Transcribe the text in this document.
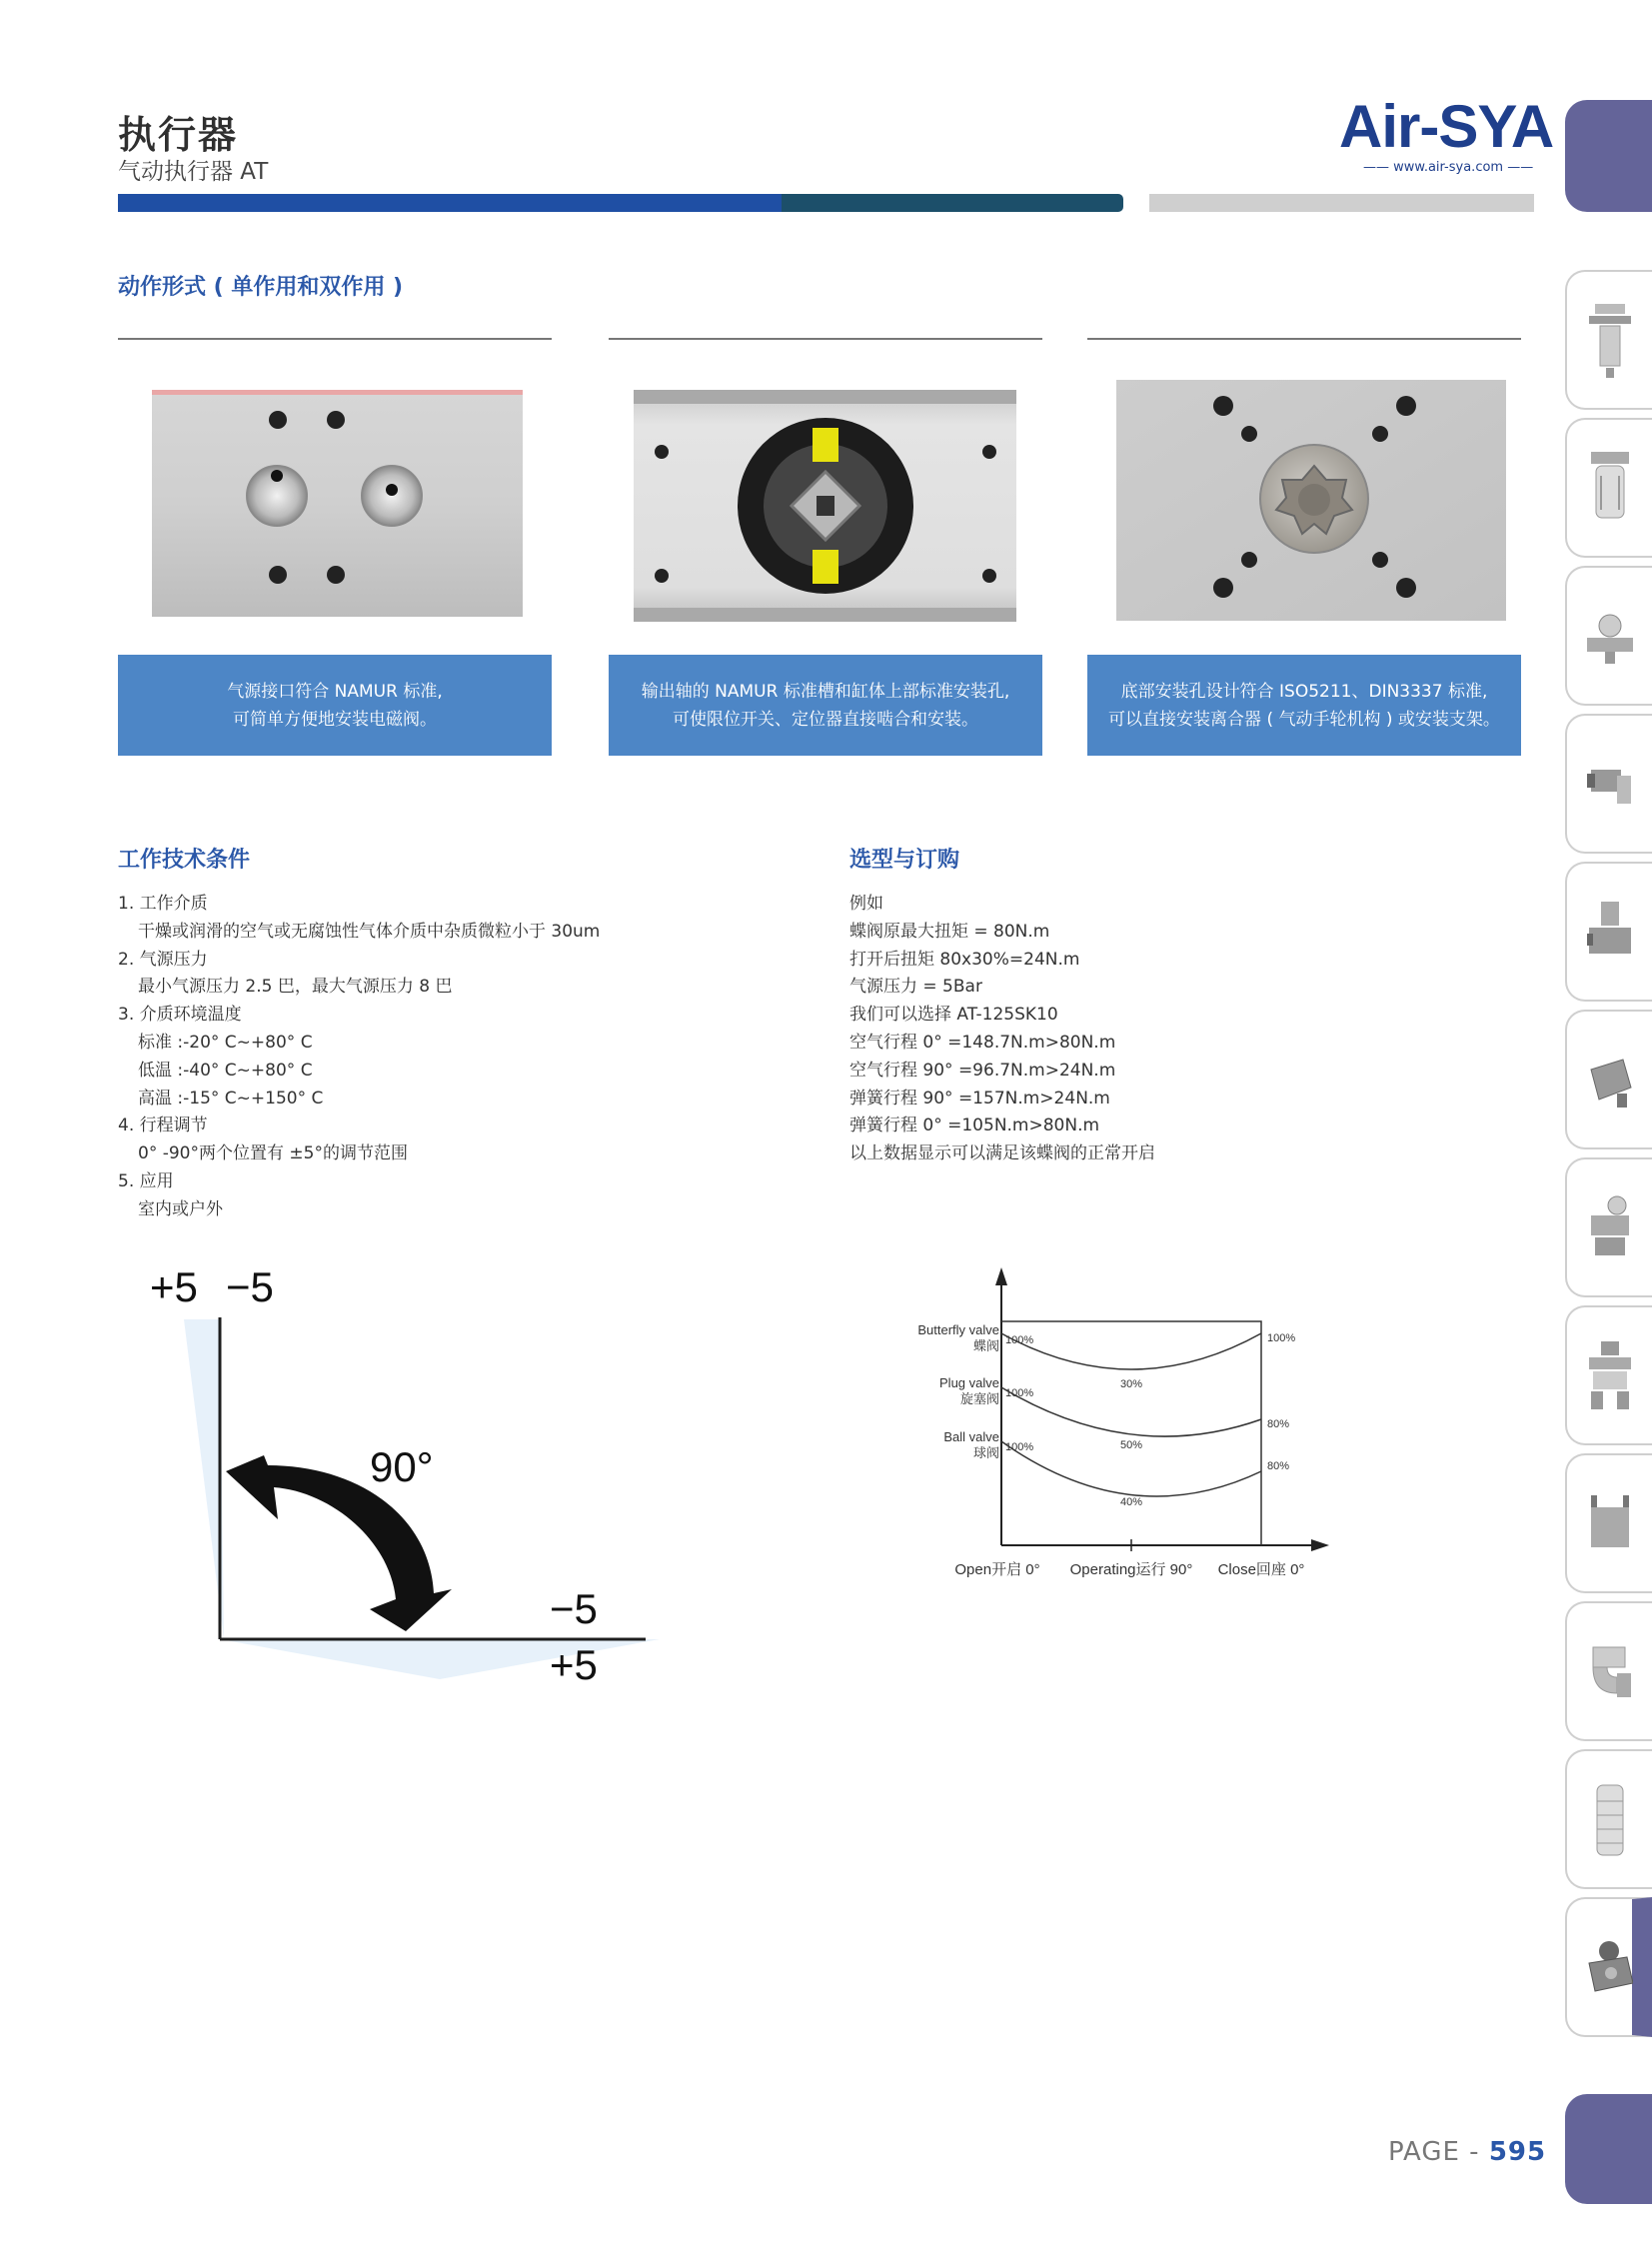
执行器
气动执行器 AT
Air-SYA
—— www.air-sya.com ——
动作形式 ( 单作用和双作用 )
气源接口符合 NAMUR 标准,
可简单方便地安装电磁阀。
输出轴的 NAMUR 标准槽和缸体上部标准安装孔,
可使限位开关、定位器直接啮合和安装。
底部安装孔设计符合 ISO5211、DIN3337 标准,
可以直接安装离合器 ( 气动手轮机构 ) 或安装支架。
工作技术条件
1. 工作介质
干燥或润滑的空气或无腐蚀性气体介质中杂质微粒小于 30um
2. 气源压力
最小气源压力 2.5 巴，最大气源压力 8 巴
3. 介质环境温度
标准 :-20° C~+80° C
低温 :-40° C~+80° C
高温 :-15° C~+150° C
4. 行程调节
0° -90°两个位置有 ±5°的调节范围
5. 应用
室内或户外
选型与订购
例如
蝶阀原最大扭矩 = 80N.m
打开后扭矩 80x30%=24N.m
气源压力 = 5Bar
我们可以选择 AT-125SK10
空气行程 0° =148.7N.m>80N.m
空气行程 90° =96.7N.m>24N.m
弹簧行程 90° =157N.m>24N.m
弹簧行程 0° =105N.m>80N.m
以上数据显示可以满足该蝶阀的正常开启
+5 −5
90°
−5
+5
Butterfly valve
蝶阀 100%
30%
100%
Plug valve
旋塞阀 100%
50%
80%
Ball valve
球阀 100%
40%
80%
Open开启 0° Operating运行 90° Close回座 0°
PAGE - 595
